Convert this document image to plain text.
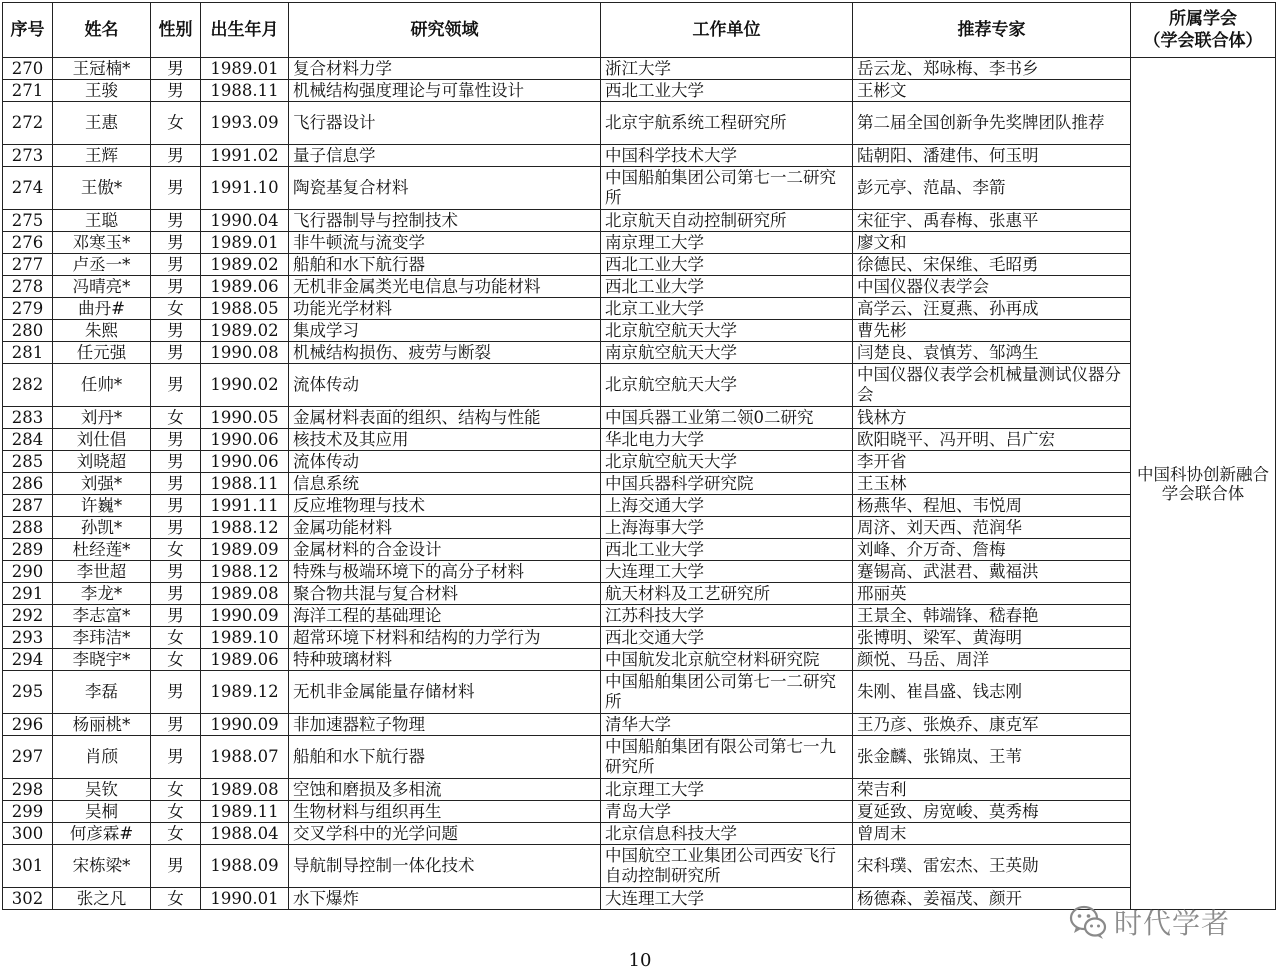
序号	姓名	性别	出生年月	研究领域	工作单位	推荐专家	所属学会
（学会联合体）

270	王冠楠*	男	1989.01	复合材料力学	浙江大学	岳云龙、郑咏梅、李书乡	中国科协创新融合学会联合体
271	王骏	男	1988.11	机械结构强度理论与可靠性设计	西北工业大学	王彬文	
272	王惠	女	1993.09	飞行器设计	北京宇航系统工程研究所	第二届全国创新争先奖牌团队推荐	
273	王辉	男	1991.02	量子信息学	中国科学技术大学	陆朝阳、潘建伟、何玉明	
274	王傲*	男	1991.10	陶瓷基复合材料	中国船舶集团公司第七一二研究所	彭元亭、范晶、李箭	
275	王聪	男	1990.04	飞行器制导与控制技术	北京航天自动控制研究所	宋征宇、禹春梅、张惠平	
276	邓寒玉*	男	1989.01	非牛顿流与流变学	南京理工大学	廖文和	
277	卢丞一*	男	1989.02	船舶和水下航行器	西北工业大学	徐德民、宋保维、毛昭勇	
278	冯晴亮*	男	1989.06	无机非金属类光电信息与功能材料	西北工业大学	中国仪器仪表学会	
279	曲丹#	女	1988.05	功能光学材料	北京工业大学	高学云、汪夏燕、孙再成	
280	朱熙	男	1989.02	集成学习	北京航空航天大学	曹先彬	
281	任元强	男	1990.08	机械结构损伤、疲劳与断裂	南京航空航天大学	闫楚良、袁慎芳、邹鸿生	
282	任帅*	男	1990.02	流体传动	北京航空航天大学	中国仪器仪表学会机械量测试仪器分会	
283	刘丹*	女	1990.05	金属材料表面的组织、结构与性能	中国兵器工业第二领0二研究	钱林方	
284	刘仕倡	男	1990.06	核技术及其应用	华北电力大学	欧阳晓平、冯开明、吕广宏	
285	刘晓超	男	1990.06	流体传动	北京航空航天大学	李开省	
286	刘强*	男	1988.11	信息系统	中国兵器科学研究院	王玉林	
287	许巍*	男	1991.11	反应堆物理与技术	上海交通大学	杨燕华、程旭、韦悦周	
288	孙凯*	男	1988.12	金属功能材料	上海海事大学	周济、刘天西、范润华	
289	杜经莲*	女	1989.09	金属材料的合金设计	西北工业大学	刘峰、介万奇、詹梅	
290	李世超	男	1988.12	特殊与极端环境下的高分子材料	大连理工大学	蹇锡高、武湛君、戴福洪	
291	李龙*	男	1989.08	聚合物共混与复合材料	航天材料及工艺研究所	邢丽英	
292	李志富*	男	1990.09	海洋工程的基础理论	江苏科技大学	王景全、韩端锋、嵇春艳	
293	李玮洁*	女	1989.10	超常环境下材料和结构的力学行为	西北交通大学	张博明、梁军、黄海明	
294	李晓宇*	女	1989.06	特种玻璃材料	中国航发北京航空材料研究院	颜悦、马岳、周洋	
295	李磊	男	1989.12	无机非金属能量存储材料	中国船舶集团公司第七一二研究所	朱刚、崔昌盛、钱志刚	
296	杨丽桃*	男	1990.09	非加速器粒子物理	清华大学	王乃彦、张焕乔、康克军	
297	肖颀	男	1988.07	船舶和水下航行器	中国船舶集团有限公司第七一九研究所	张金麟、张锦岚、王苇	
298	吴钦	女	1989.08	空蚀和磨损及多相流	北京理工大学	荣吉利	
299	吴桐	女	1989.11	生物材料与组织再生	青岛大学	夏延致、房宽峻、莫秀梅	
300	何彦霖#	女	1988.04	交叉学科中的光学问题	北京信息科技大学	曾周末	
301	宋栋梁*	男	1988.09	导航制导控制一体化技术	中国航空工业集团公司西安飞行自动控制研究所	宋科璞、雷宏杰、王英勋	
302	张之凡	女	1990.01	水下爆炸	大连理工大学	杨德森、姜福茂、颜开	
10
时代学者
